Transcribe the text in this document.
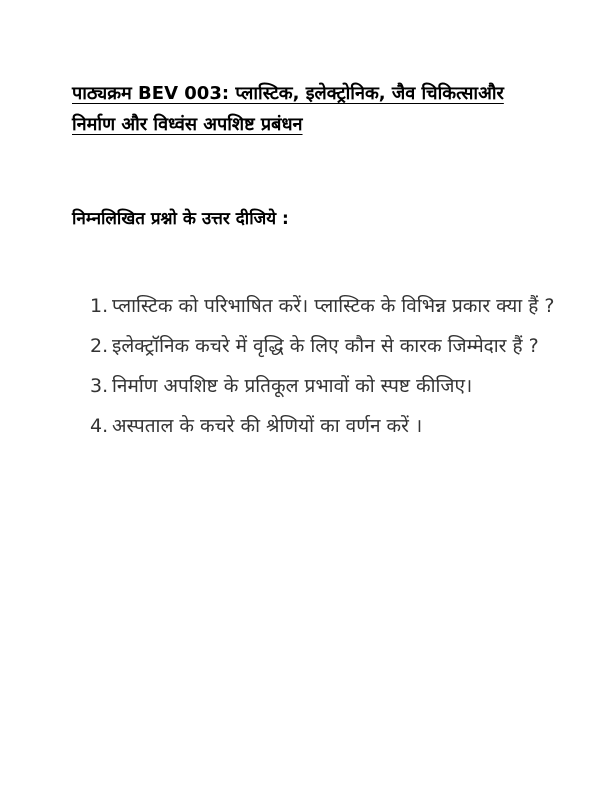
पाठ्यक्रम BEV 003: प्लास्टिक, इलेक्ट्रोनिक, जैव चिकित्साऔर
निर्माण और विध्वंस अपशिष्ट प्रबंधन
निम्नलिखित प्रश्नो के उत्तर दीजिये :
1. प्लास्टिक को परिभाषित करें। प्लास्टिक के विभिन्न प्रकार क्या हैं ?
2. इलेक्ट्रॉनिक कचरे में वृद्धि के लिए कौन से कारक जिम्मेदार हैं ?
3. निर्माण अपशिष्ट के प्रतिकूल प्रभावों को स्पष्ट कीजिए।
4. अस्पताल के कचरे की श्रेणियों का वर्णन करें ।
